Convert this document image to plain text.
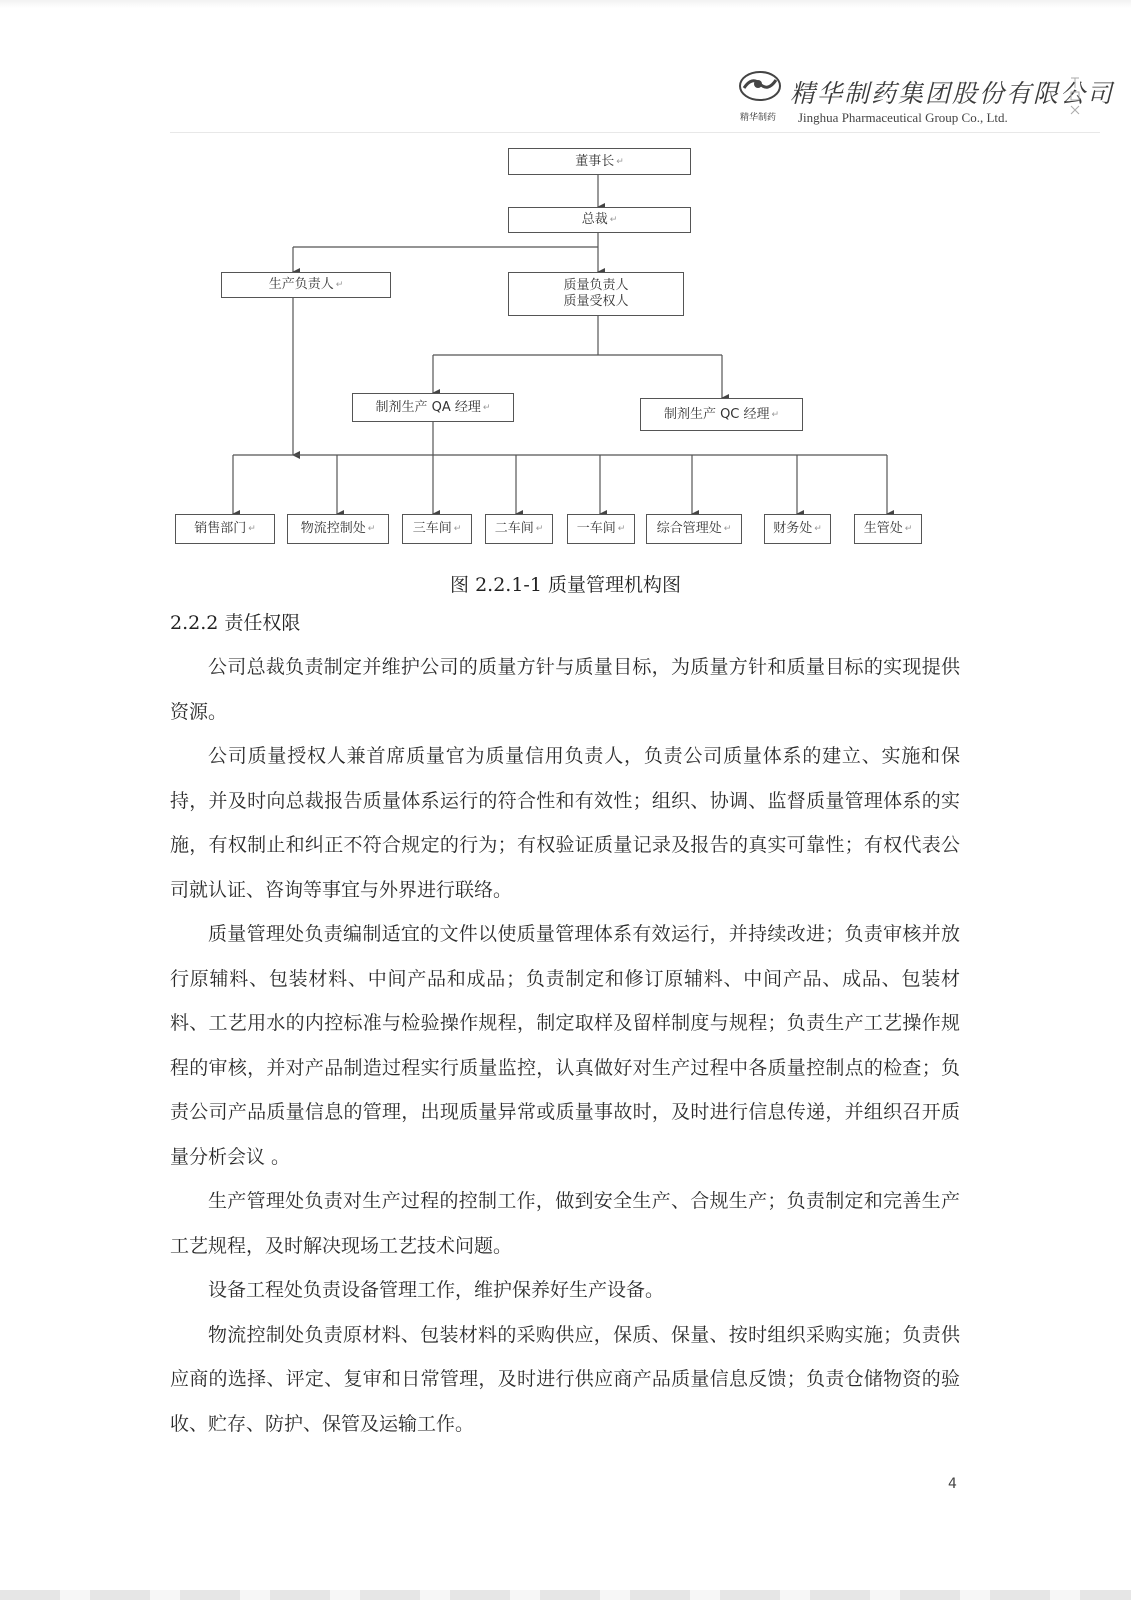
精华制药
精华制药集团股份有限公司
Jinghua Pharmaceutical Group Co., Ltd.
董事长 ↵
总裁 ↵
生产负责人 ↵	质量负责人
质量受权人
制剂生产 QA 经理 ↵	制剂生产 QC 经理 ↵
销售部门 ↵	物流控制处 ↵	三车间 ↵	二车间 ↵	一车间 ↵ 综合管理处 ↵	财务处 ↵	生管处 ↵
图 2.2.1-1 质量管理机构图
2.2.2 责任权限

公司总裁负责制定并维护公司的质量方针与质量目标，为质量方针和质量目标的实现提供资源。

公司质量授权人兼首席质量官为质量信用负责人，负责公司质量体系的建立、实施和保持，并及时向总裁报告质量体系运行的符合性和有效性；组织、协调、监督质量管理体系的实施，有权制止和纠正不符合规定的行为；有权验证质量记录及报告的真实可靠性；有权代表公司就认证、咨询等事宜与外界进行联络。

质量管理处负责编制适宜的文件以使质量管理体系有效运行，并持续改进；负责审核并放行原辅料、包装材料、中间产品和成品；负责制定和修订原辅料、中间产品、成品、包装材料、工艺用水的内控标准与检验操作规程，制定取样及留样制度与规程；负责生产工艺操作规程的审核，并对产品制造过程实行质量监控，认真做好对生产过程中各质量控制点的检查；负责公司产品质量信息的管理，出现质量异常或质量事故时，及时进行信息传递，并组织召开质量分析会议 。

生产管理处负责对生产过程的控制工作，做到安全生产、合规生产；负责制定和完善生产工艺规程，及时解决现场工艺技术问题。

设备工程处负责设备管理工作，维护保养好生产设备。

物流控制处负责原材料、包装材料的采购供应，保质、保量、按时组织采购实施；负责供应商的选择、评定、复审和日常管理，及时进行供应商产品质量信息反馈；负责仓储物资的验收、贮存、防护、保管及运输工作。

4
